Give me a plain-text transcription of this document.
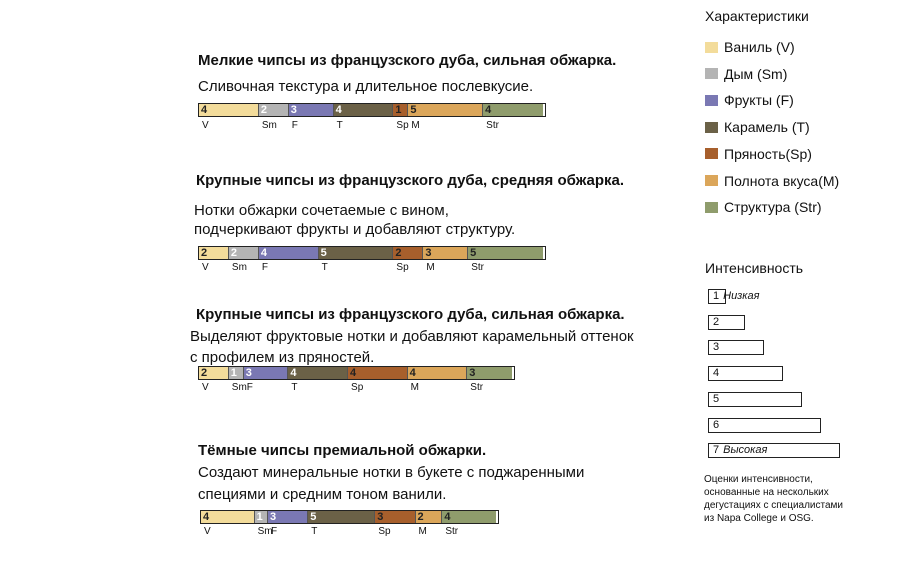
Мелкие чипсы из французского дуба, сильная обжарка.
Сливочная текстура и длительное послевкусие.
4	2	3	4	1 5	4
V	Sm F	T	Sp M	Str
Крупные чипсы из французского дуба, средняя обжарка.
Нотки обжарки сочетаемые с вином,
подчеркивают фрукты и добавляют структуру.
2	2	4	5	2	3	5
V Sm F	T	Sp M	Str
Крупные чипсы из французского дуба, сильная обжарка.
Выделяют фруктовые нотки и добавляют карамельный оттенок
с профилем из пряностей.
2	1 3	4	4	4	3
V Sm F	T	Sp	M	Str
Тёмные чипсы премиальной обжарки.
Создают минеральные нотки в букете с поджаренными
специями и средним тоном ванили.
4	1 3	5	3	2	4
V	Sm
F	T	Sp	M Str
Характеристики
Ваниль (V)
Дым (Sm)
Фрукты (F)
Карамель (T)
Пряность(Sp)
Полнота вкуса(M)
Структура (Str)
Интенсивность
1 Низкая
2
3
4
5
6
7 Высокая
Оценки интенсивности, основанные на нескольких дегустациях с специалистами из Napa College и OSG.
